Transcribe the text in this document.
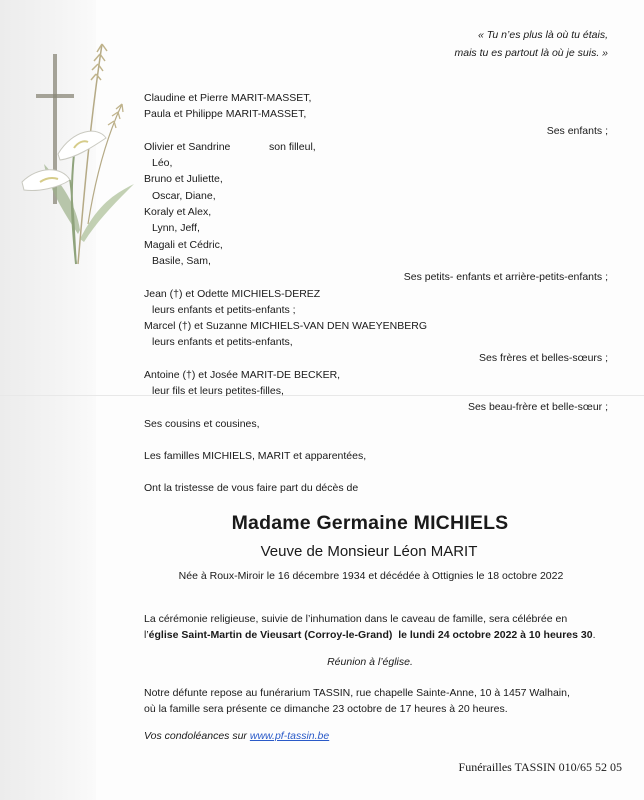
« Tu n’es plus là où tu étais,
mais tu es partout là où je suis. »
Claudine et Pierre MARIT-MASSET,
Paula et Philippe MARIT-MASSET,
Ses enfants ;
Olivier et Sandrine	son filleul,
Léo,
Bruno et Juliette,
Oscar, Diane,
Koraly et Alex,
Lynn, Jeff,
Magali et Cédric,
Basile, Sam,
Ses petits- enfants et arrière-petits-enfants ;
Jean (†) et Odette MICHIELS-DEREZ
leurs enfants et petits-enfants ;
Marcel (†) et Suzanne MICHIELS-VAN DEN WAEYENBERG
leurs enfants et petits-enfants,
Ses frères et belles-sœurs ;
Antoine (†) et Josée MARIT-DE BECKER,
leur fils et leurs petites-filles,
Ses beau-frère et belle-sœur ;
Ses cousins et cousines,
Les familles MICHIELS, MARIT et apparentées,
Ont la tristesse de vous faire part du décès de
Madame Germaine MICHIELS
Veuve de Monsieur Léon MARIT
Née à Roux-Miroir le 16 décembre 1934 et décédée à Ottignies le 18 octobre 2022
La cérémonie religieuse, suivie de l’inhumation dans le caveau de famille, sera célébrée en
l’église Saint-Martin de Vieusart (Corroy-le-Grand) le lundi 24 octobre 2022 à 10 heures 30.
Réunion à l’église.
Notre défunte repose au funérarium TASSIN, rue chapelle Sainte-Anne, 10 à 1457 Walhain,
où la famille sera présente ce dimanche 23 octobre de 17 heures à 20 heures.
Vos condoléances sur www.pf-tassin.be
Funérailles TASSIN 010/65 52 05
